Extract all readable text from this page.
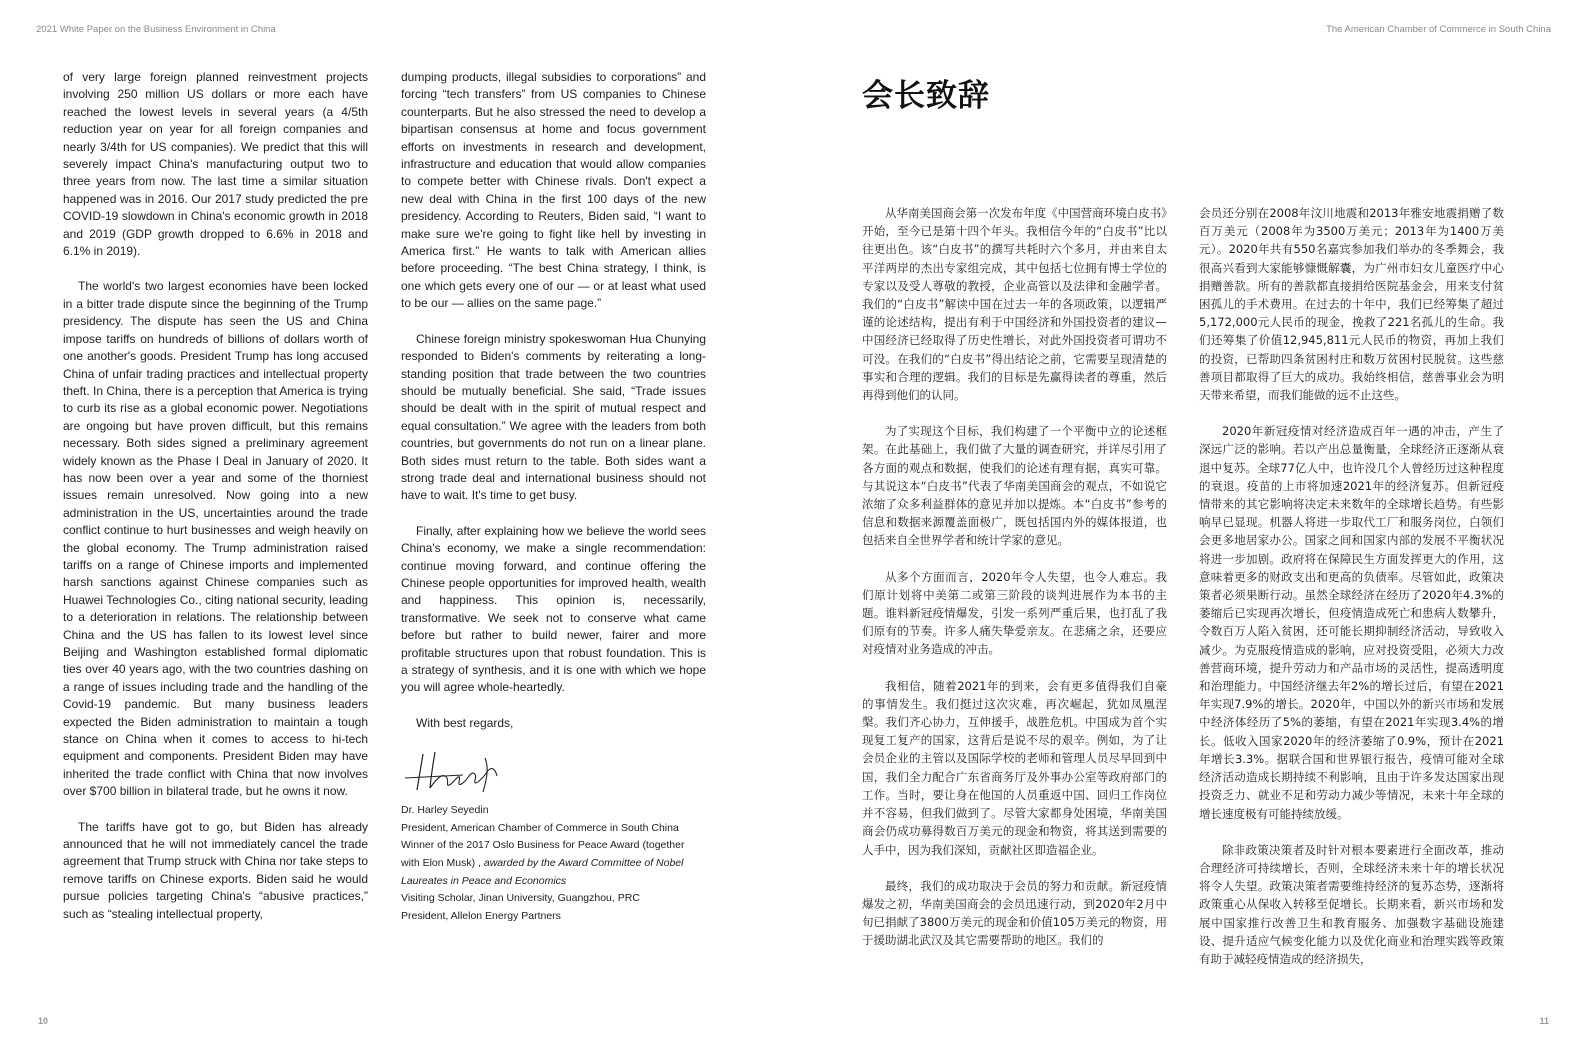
2021 White Paper on the Business Environment in China	The American Chamber of Commerce in South China

of very large foreign planned reinvestment projects involving 250 million US dollars or more each have reached the lowest levels in several years (a 4/5th reduction year on year for all foreign companies and nearly 3/4th for US companies). We predict that this will severely impact China's manufacturing output two to three years from now. The last time a similar situation happened was in 2016. Our 2017 study predicted the pre COVID-19 slowdown in China's economic growth in 2018 and 2019 (GDP growth dropped to 6.6% in 2018 and 6.1% in 2019).

The world's two largest economies have been locked in a bitter trade dispute since the beginning of the Trump presidency. The dispute has seen the US and China impose tariffs on hundreds of billions of dollars worth of one another's goods. President Trump has long accused China of unfair trading practices and intellectual property theft. In China, there is a perception that America is trying to curb its rise as a global economic power. Negotiations are ongoing but have proven difficult, but this remains necessary. Both sides signed a preliminary agreement widely known as the Phase I Deal in January of 2020. It has now been over a year and some of the thorniest issues remain unresolved. Now going into a new administration in the US, uncertainties around the trade conflict continue to hurt businesses and weigh heavily on the global economy. The Trump administration raised tariffs on a range of Chinese imports and implemented harsh sanctions against Chinese companies such as Huawei Technologies Co., citing national security, leading to a deterioration in relations. The relationship between China and the US has fallen to its lowest level since Beijing and Washington established formal diplomatic ties over 40 years ago, with the two countries dashing on a range of issues including trade and the handling of the Covid-19 pandemic. But many business leaders expected the Biden administration to maintain a tough stance on China when it comes to access to hi-tech equipment and components. President Biden may have inherited the trade conflict with China that now involves over $700 billion in bilateral trade, but he owns it now.

The tariffs have got to go, but Biden has already announced that he will not immediately cancel the trade agreement that Trump struck with China nor take steps to remove tariffs on Chinese exports. Biden said he would pursue policies targeting China's “abusive practices,” such as “stealing intellectual property,

dumping products, illegal subsidies to corporations” and forcing “tech transfers” from US companies to Chinese counterparts. But he also stressed the need to develop a bipartisan consensus at home and focus government efforts on investments in research and development, infrastructure and education that would allow companies to compete better with Chinese rivals. Don't expect a new deal with China in the first 100 days of the new presidency. According to Reuters, Biden said, “I want to make sure we're going to fight like hell by investing in America first.” He wants to talk with American allies before proceeding. “The best China strategy, I think, is one which gets every one of our — or at least what used to be our — allies on the same page.”

Chinese foreign ministry spokeswoman Hua Chunying responded to Biden's comments by reiterating a long-standing position that trade between the two countries should be mutually beneficial. She said, “Trade issues should be dealt with in the spirit of mutual respect and equal consultation.” We agree with the leaders from both countries, but governments do not run on a linear plane. Both sides must return to the table. Both sides want a strong trade deal and international business should not have to wait. It's time to get busy.

Finally, after explaining how we believe the world sees China's economy, we make a single recommendation: continue moving forward, and continue offering the Chinese people opportunities for improved health, wealth and happiness. This opinion is, necessarily, transformative. We seek not to conserve what came before but rather to build newer, fairer and more profitable structures upon that robust foundation. This is a strategy of synthesis, and it is one with which we hope you will agree whole-heartedly.

With best regards,

Dr. Harley Seyedin
President, American Chamber of Commerce in South China
Winner of the 2017 Oslo Business for Peace Award (together with Elon Musk) , awarded by the Award Committee of Nobel Laureates in Peace and Economics
Visiting Scholar, Jinan University, Guangzhou, PRC
President, Allelon Energy Partners
会长致辞

从华南美国商会第一次发布年度《中国营商环境白皮书》开始，至今已是第十四个年头。我相信今年的“白皮书”比以往更出色。该“白皮书”的撰写共耗时六个多月，并由来自太平洋两岸的杰出专家组完成，其中包括七位拥有博士学位的专家以及受人尊敬的教授，企业高管以及法律和金融学者。我们的“白皮书”解读中国在过去一年的各项政策，以逻辑严谨的论述结构，提出有利于中国经济和外国投资者的建议—中国经济已经取得了历史性增长，对此外国投资者可谓功不可没。在我们的“白皮书”得出结论之前，它需要呈现清楚的事实和合理的逻辑。我们的目标是先赢得读者的尊重，然后再得到他们的认同。

为了实现这个目标，我们构建了一个平衡中立的论述框架。在此基础上，我们做了大量的调查研究，并详尽引用了各方面的观点和数据，使我们的论述有理有据，真实可靠。与其说这本“白皮书”代表了华南美国商会的观点，不如说它浓缩了众多利益群体的意见并加以提炼。本“白皮书”参考的信息和数据来源覆盖面极广，既包括国内外的媒体报道，也包括来自全世界学者和统计学家的意见。

从多个方面而言，2020年令人失望，也令人难忘。我们原计划将中美第二或第三阶段的谈判进展作为本书的主题。谁料新冠疫情爆发，引发一系列严重后果，也打乱了我们原有的节奏。许多人痛失挚爱亲友。在悲痛之余，还要应对疫情对业务造成的冲击。

我相信，随着2021年的到来，会有更多值得我们自豪的事情发生。我们挺过这次灾难，再次崛起，犹如凤凰涅槃。我们齐心协力，互伸援手，战胜危机。中国成为首个实现复工复产的国家，这背后是说不尽的艰辛。例如，为了让会员企业的主管以及国际学校的老师和管理人员尽早回到中国，我们全力配合广东省商务厅及外事办公室等政府部门的工作。当时，要让身在他国的人员重返中国、回归工作岗位并不容易，但我们做到了。尽管大家都身处困境，华南美国商会仍成功募得数百万美元的现金和物资，将其送到需要的人手中，因为我们深知，贡献社区即造福企业。

最终，我们的成功取决于会员的努力和贡献。新冠疫情爆发之初，华南美国商会的会员迅速行动，到2020年2月中旬已捐献了3800万美元的现金和价值105万美元的物资，用于援助湖北武汉及其它需要帮助的地区。我们的

会员还分别在2008年汶川地震和2013年雅安地震捐赠了数百万美元（2008年为3500万美元；2013年为1400万美元）。2020年共有550名嘉宾参加我们举办的冬季舞会，我很高兴看到大家能够慷慨解囊，为广州市妇女儿童医疗中心捐赠善款。所有的善款都直接捐给医院基金会，用来支付贫困孤儿的手术费用。在过去的十年中，我们已经筹集了超过5,172,000元人民币的现金，挽救了221名孤儿的生命。我们还筹集了价值12,945,811元人民币的物资，再加上我们的投资，已帮助四条贫困村庄和数万贫困村民脱贫。这些慈善项目都取得了巨大的成功。我始终相信，慈善事业会为明天带来希望，而我们能做的远不止这些。

2020年新冠疫情对经济造成百年一遇的冲击，产生了深远广泛的影响。若以产出总量衡量，全球经济正逐渐从衰退中复苏。全球77亿人中，也许没几个人曾经历过这种程度的衰退。疫苗的上市将加速2021年的经济复苏。但新冠疫情带来的其它影响将决定未来数年的全球增长趋势。有些影响早已显现。机器人将进一步取代工厂和服务岗位，白领们会更多地居家办公。国家之间和国家内部的发展不平衡状况将进一步加剧。政府将在保障民生方面发挥更大的作用，这意味着更多的财政支出和更高的负债率。尽管如此，政策决策者必须果断行动。虽然全球经济在经历了2020年4.3%的萎缩后已实现再次增长，但疫情造成死亡和患病人数攀升，令数百万人陷入贫困，还可能长期抑制经济活动，导致收入减少。为克服疫情造成的影响，应对投资受阻，必须大力改善营商环境，提升劳动力和产品市场的灵活性，提高透明度和治理能力。中国经济继去年2%的增长过后，有望在2021年实现7.9%的增长。2020年，中国以外的新兴市场和发展中经济体经历了5%的萎缩，有望在2021年实现3.4%的增长。低收入国家2020年的经济萎缩了0.9%，预计在2021年增长3.3%。据联合国和世界银行报告，疫情可能对全球经济活动造成长期持续不利影响，且由于许多发达国家出现投资乏力、就业不足和劳动力减少等情况，未来十年全球的增长速度极有可能持续放缓。

除非政策决策者及时针对根本要素进行全面改革，推动合理经济可持续增长，否则，全球经济未来十年的增长状况将令人失望。政策决策者需要维持经济的复苏态势，逐渐将政策重心从保收入转移至促增长。长期来看，新兴市场和发展中国家推行改善卫生和教育服务、加强数字基础设施建设、提升适应气候变化能力以及优化商业和治理实践等政策有助于减轻疫情造成的经济损失，

10	11
